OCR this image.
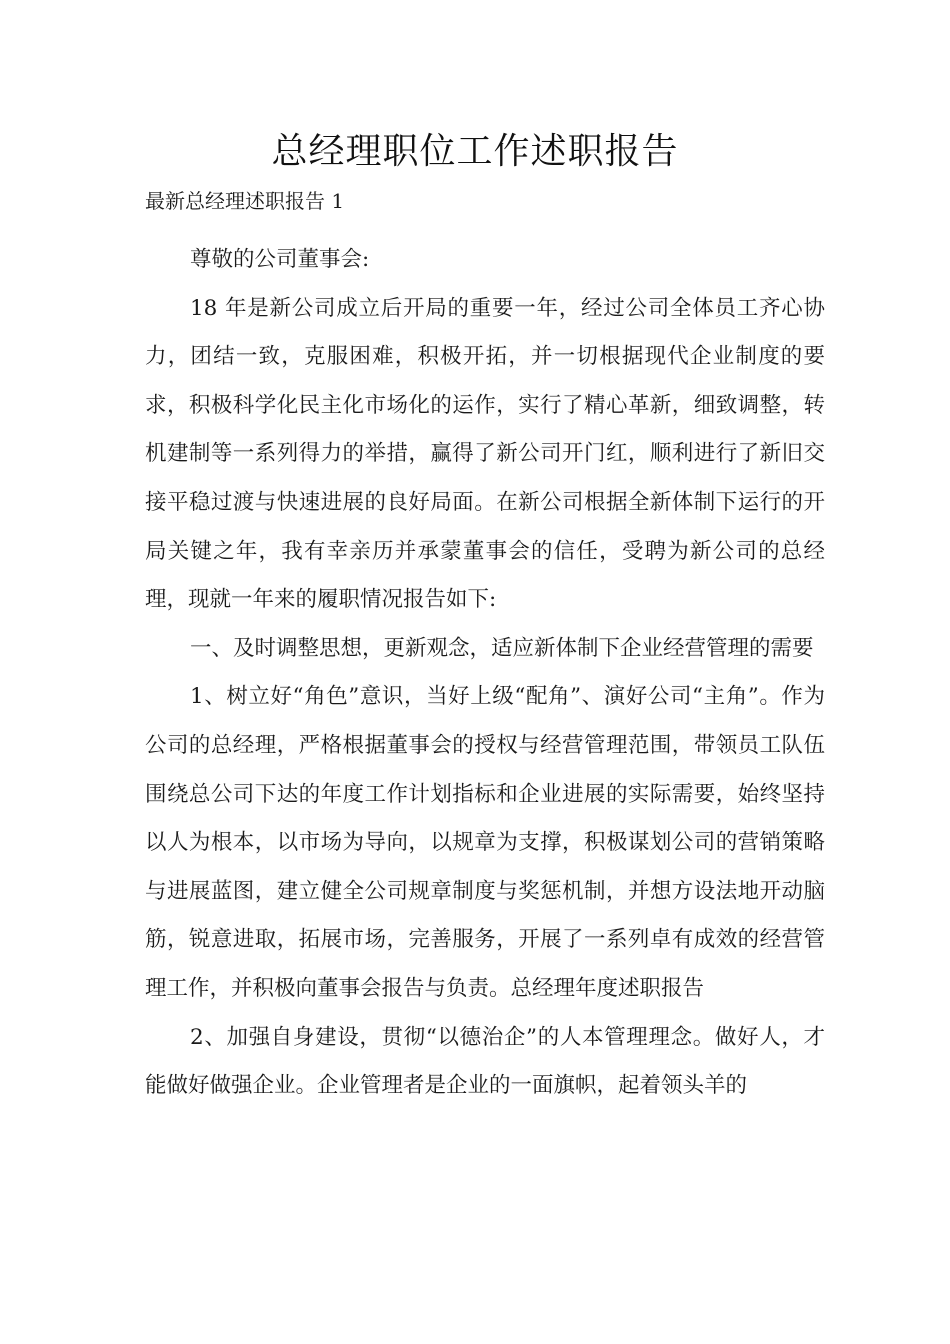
总经理职位工作述职报告
最新总经理述职报告 1

尊敬的公司董事会:

18 年是新公司成立后开局的重要一年，经过公司全体员工齐心协力，团结一致，克服困难，积极开拓，并一切根据现代企业制度的要求，积极科学化民主化市场化的运作，实行了精心革新，细致调整，转机建制等一系列得力的举措，赢得了新公司开门红，顺利进行了新旧交接平稳过渡与快速进展的良好局面。在新公司根据全新体制下运行的开局关键之年，我有幸亲历并承蒙董事会的信任，受聘为新公司的总经理，现就一年来的履职情况报告如下:

一、及时调整思想，更新观念，适应新体制下企业经营管理的需要

1、树立好“角色”意识，当好上级“配角”、演好公司“主角”。作为公司的总经理，严格根据董事会的授权与经营管理范围，带领员工队伍围绕总公司下达的年度工作计划指标和企业进展的实际需要，始终坚持以人为根本，以市场为导向，以规章为支撑，积极谋划公司的营销策略与进展蓝图，建立健全公司规章制度与奖惩机制，并想方设法地开动脑筋，锐意进取，拓展市场，完善服务，开展了一系列卓有成效的经营管理工作，并积极向董事会报告与负责。总经理年度述职报告

2、加强自身建设，贯彻“以德治企”的人本管理理念。做好人，才能做好做强企业。企业管理者是企业的一面旗帜，起着领头羊的
